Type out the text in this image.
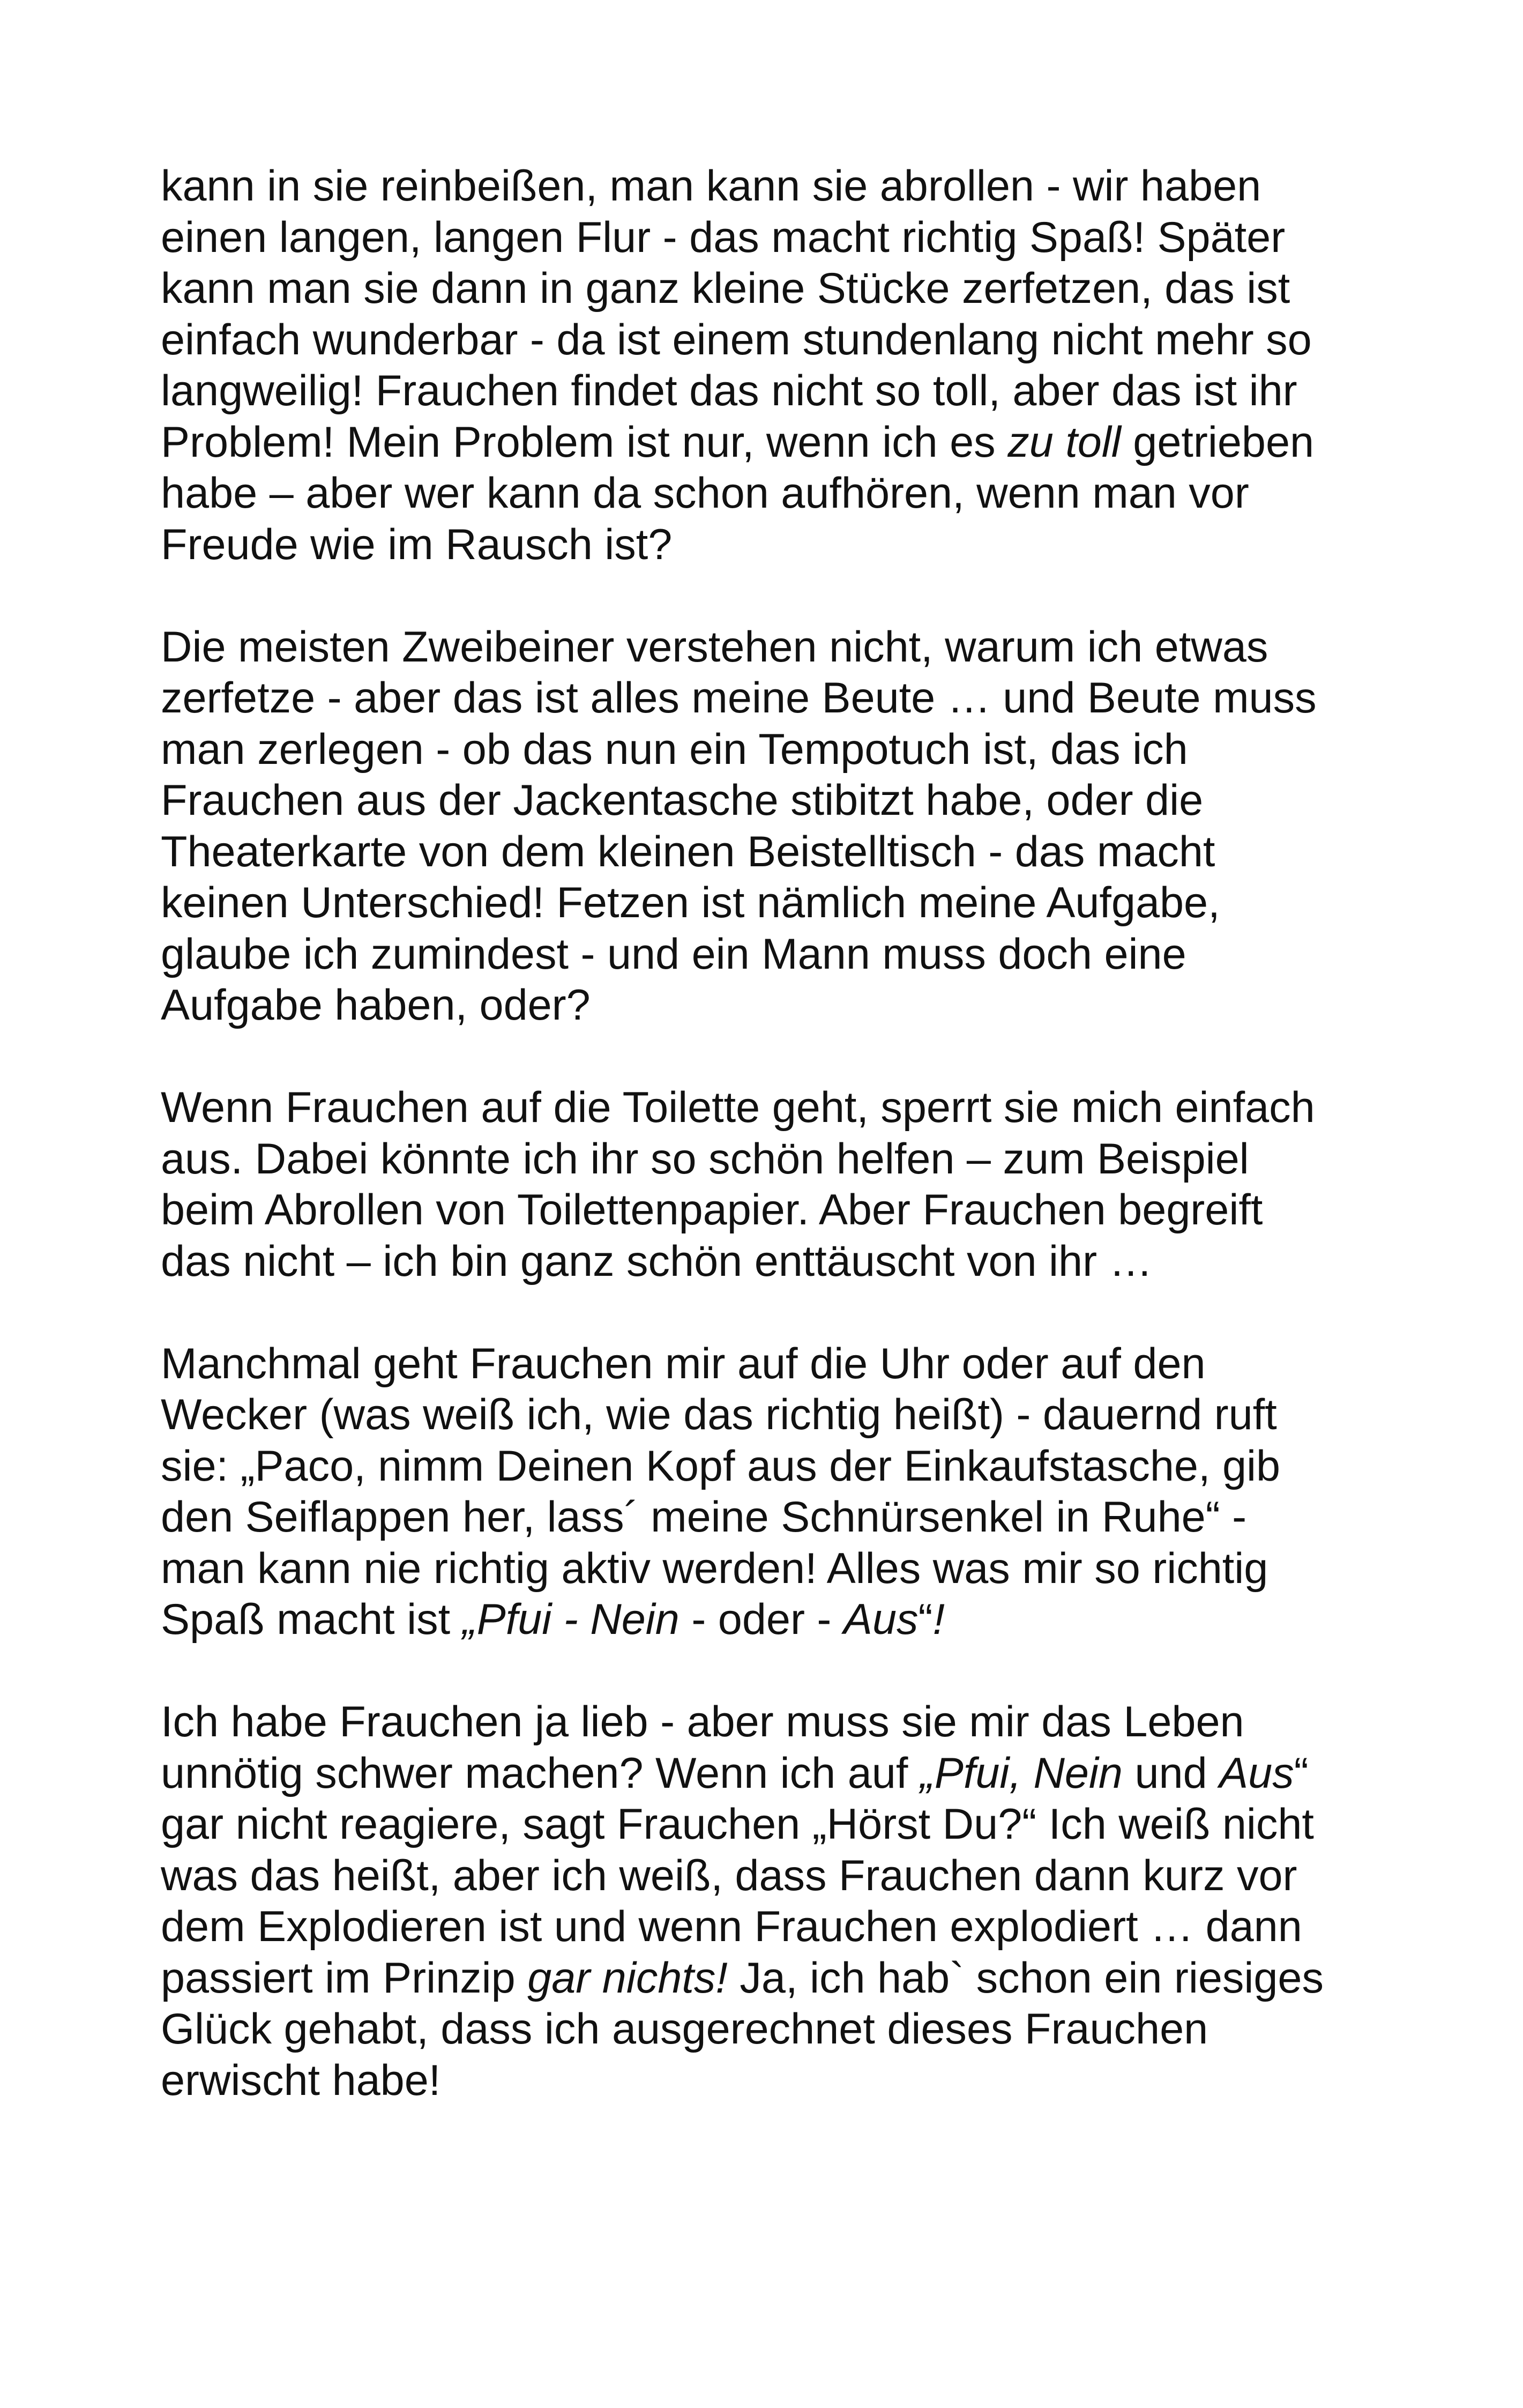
kann in sie reinbeißen, man kann sie abrollen - wir haben
einen langen, langen Flur - das macht richtig Spaß! Später
kann man sie dann in ganz kleine Stücke zerfetzen, das ist
einfach wunderbar - da ist einem stundenlang nicht mehr so
langweilig! Frauchen findet das nicht so toll, aber das ist ihr
Problem! Mein Problem ist nur, wenn ich es zu toll getrieben
habe – aber wer kann da schon aufhören, wenn man vor
Freude wie im Rausch ist?
Die meisten Zweibeiner verstehen nicht, warum ich etwas
zerfetze - aber das ist alles meine Beute … und Beute muss
man zerlegen - ob das nun ein Tempotuch ist, das ich
Frauchen aus der Jackentasche stibitzt habe, oder die
Theaterkarte von dem kleinen Beistelltisch - das macht
keinen Unterschied! Fetzen ist nämlich meine Aufgabe,
glaube ich zumindest - und ein Mann muss doch eine
Aufgabe haben, oder?
Wenn Frauchen auf die Toilette geht, sperrt sie mich einfach
aus. Dabei könnte ich ihr so schön helfen – zum Beispiel
beim Abrollen von Toilettenpapier. Aber Frauchen begreift
das nicht – ich bin ganz schön enttäuscht von ihr …
Manchmal geht Frauchen mir auf die Uhr oder auf den
Wecker (was weiß ich, wie das richtig heißt) - dauernd ruft
sie: „Paco, nimm Deinen Kopf aus der Einkaufstasche, gib
den Seiflappen her, lass´ meine Schnürsenkel in Ruhe“ -
man kann nie richtig aktiv werden! Alles was mir so richtig
Spaß macht ist „Pfui - Nein - oder - Aus“!
Ich habe Frauchen ja lieb - aber muss sie mir das Leben
unnötig schwer machen? Wenn ich auf „Pfui, Nein und Aus“
gar nicht reagiere, sagt Frauchen „Hörst Du?“ Ich weiß nicht
was das heißt, aber ich weiß, dass Frauchen dann kurz vor
dem Explodieren ist und wenn Frauchen explodiert … dann
passiert im Prinzip gar nichts! Ja, ich hab` schon ein riesiges
Glück gehabt, dass ich ausgerechnet dieses Frauchen
erwischt habe!
